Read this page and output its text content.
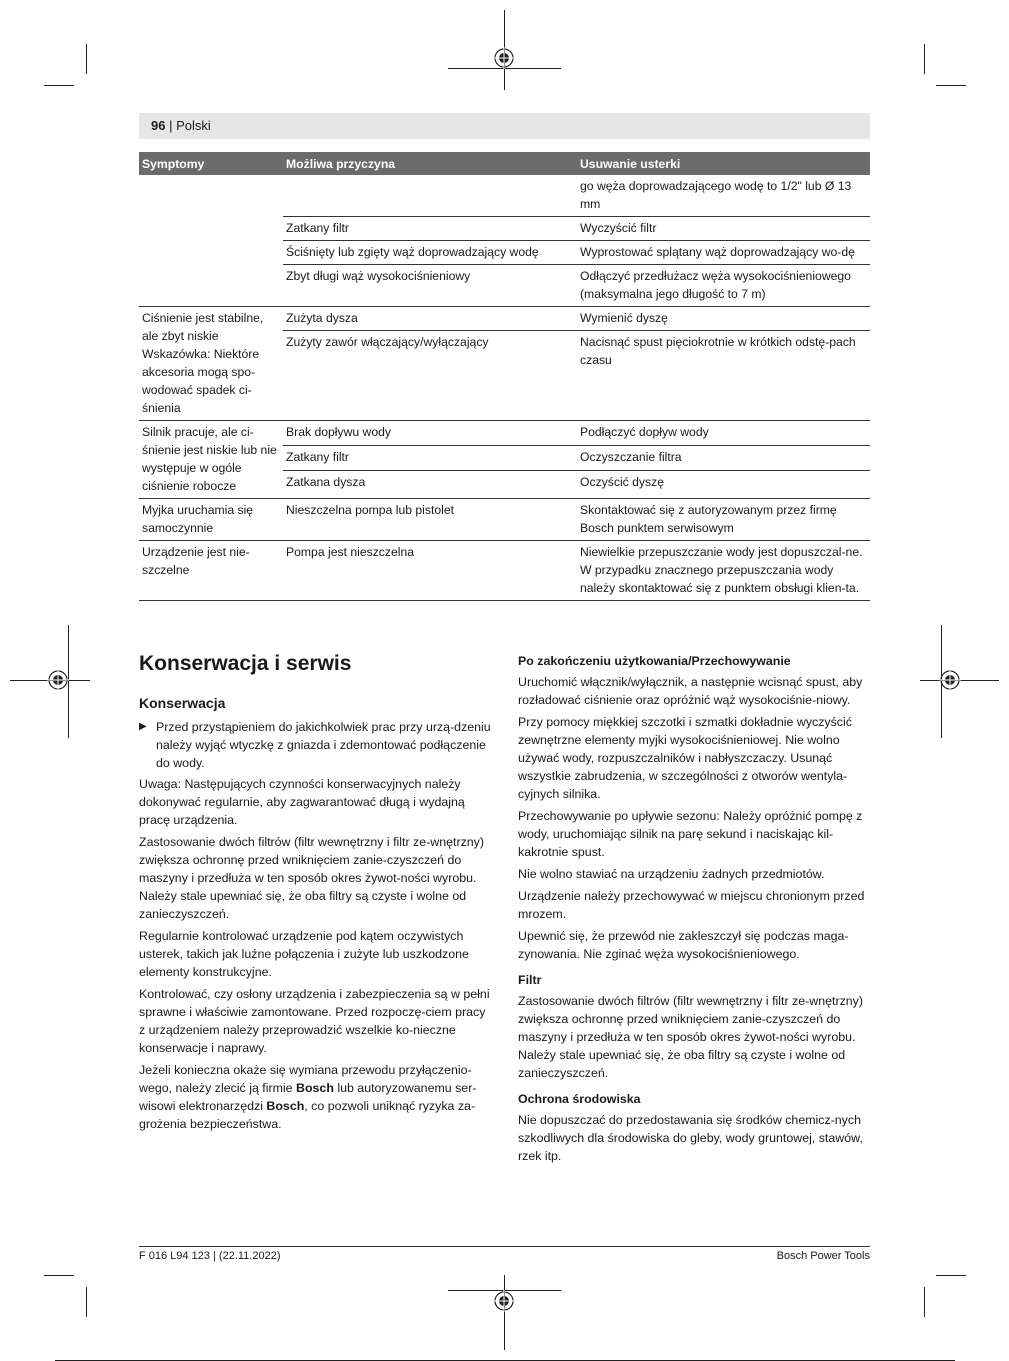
96 | Polski
Symptomy	Możliwa przyczyna	Usuwanie usterki
		go węża doprowadzającego wodę to 1/2" lub Ø 13 mm
	Zatkany filtr	Wyczyścić filtr
	Ściśnięty lub zgięty wąż doprowadzający wodę	Wyprostować splątany wąż doprowadzający wo-dę
	Zbyt długi wąż wysokociśnieniowy	Odłączyć przedłużacz węża wysokociśnieniowego (maksymalna jego długość to 7 m)
Ciśnienie jest stabilne, ale zbyt niskie Wskazówka: Niektóre akcesoria mogą spo-wodować spadek ci-śnienia	Zużyta dysza	Wymienić dyszę
	Zużyty zawór włączający/wyłączający	Nacisnąć spust pięciokrotnie w krótkich odstę-pach czasu
Silnik pracuje, ale ci-śnienie jest niskie lub nie występuje w ogóle ciśnienie robocze	Brak dopływu wody	Podłączyć dopływ wody
	Zatkany filtr	Oczyszczanie filtra
	Zatkana dysza	Oczyścić dyszę
Myjka uruchamia się samoczynnie	Nieszczelna pompa lub pistolet	Skontaktować się z autoryzowanym przez firmę Bosch punktem serwisowym
Urządzenie jest nie-szczelne	Pompa jest nieszczelna	Niewielkie przepuszczanie wody jest dopuszczal-ne. W przypadku znacznego przepuszczania wody należy skontaktować się z punktem obsługi klien-ta.
Konserwacja i serwis
Konserwacja
▶ Przed przystąpieniem do jakichkolwiek prac przy urzą-dzeniu należy wyjąć wtyczkę z gniazda i zdemontować podłączenie do wody.

Uwaga: Następujących czynności konserwacyjnych należy dokonywać regularnie, aby zagwarantować długą i wydajną pracę urządzenia.

Zastosowanie dwóch filtrów (filtr wewnętrzny i filtr ze-wnętrzny) zwiększa ochronnę przed wniknięciem zanie-czyszczeń do maszyny i przedłuża w ten sposób okres żywot-ności wyrobu.

Należy stale upewniać się, że oba filtry są czyste i wolne od zanieczyszczeń.

Regularnie kontrolować urządzenie pod kątem oczywistych usterek, takich jak luźne połączenia i zużyte lub uszkodzone elementy konstrukcyjne.

Kontrolować, czy osłony urządzenia i zabezpieczenia są w pełni sprawne i właściwie zamontowane. Przed rozpoczę-ciem pracy z urządzeniem należy przeprowadzić wszelkie ko-nieczne konserwacje i naprawy.

Jeżeli konieczna okaże się wymiana przewodu przyłączenio-wego, należy zlecić ją firmie Bosch lub autoryzowanemu ser-wisowi elektronarzędzi Bosch, co pozwoli uniknąć ryzyka za-grożenia bezpieczeństwa.

Po zakończeniu użytkowania/Przechowywanie

Uruchomić włącznik/wyłącznik, a następnie wcisnąć spust, aby rozładować ciśnienie oraz opróżnić wąż wysokociśnie-niowy.

Przy pomocy miękkiej szczotki i szmatki dokładnie wyczyścić zewnętrzne elementy myjki wysokociśnieniowej. Nie wolno używać wody, rozpuszczalników i nabłyszczaczy. Usunąć wszystkie zabrudzenia, w szczególności z otworów wentyla-cyjnych silnika.

Przechowywanie po upływie sezonu: Należy opróżnić pompę z wody, uruchomiając silnik na parę sekund i naciskając kil-kakrotnie spust.

Nie wolno stawiać na urządzeniu żadnych przedmiotów.

Urządzenie należy przechowywać w miejscu chronionym przed mrozem.

Upewnić się, że przewód nie zakleszczył się podczas maga-zynowania. Nie zginać węża wysokociśnieniowego.

Filtr

Zastosowanie dwóch filtrów (filtr wewnętrzny i filtr ze-wnętrzny) zwiększa ochronnę przed wniknięciem zanie-czyszczeń do maszyny i przedłuża w ten sposób okres żywot-ności wyrobu.

Należy stale upewniać się, że oba filtry są czyste i wolne od zanieczyszczeń.

Ochrona środowiska

Nie dopuszczać do przedostawania się środków chemicz-nych szkodliwych dla środowiska do gleby, wody gruntowej, stawów, rzek itp.

F 016 L94 123 | (22.11.2022)	Bosch Power Tools
